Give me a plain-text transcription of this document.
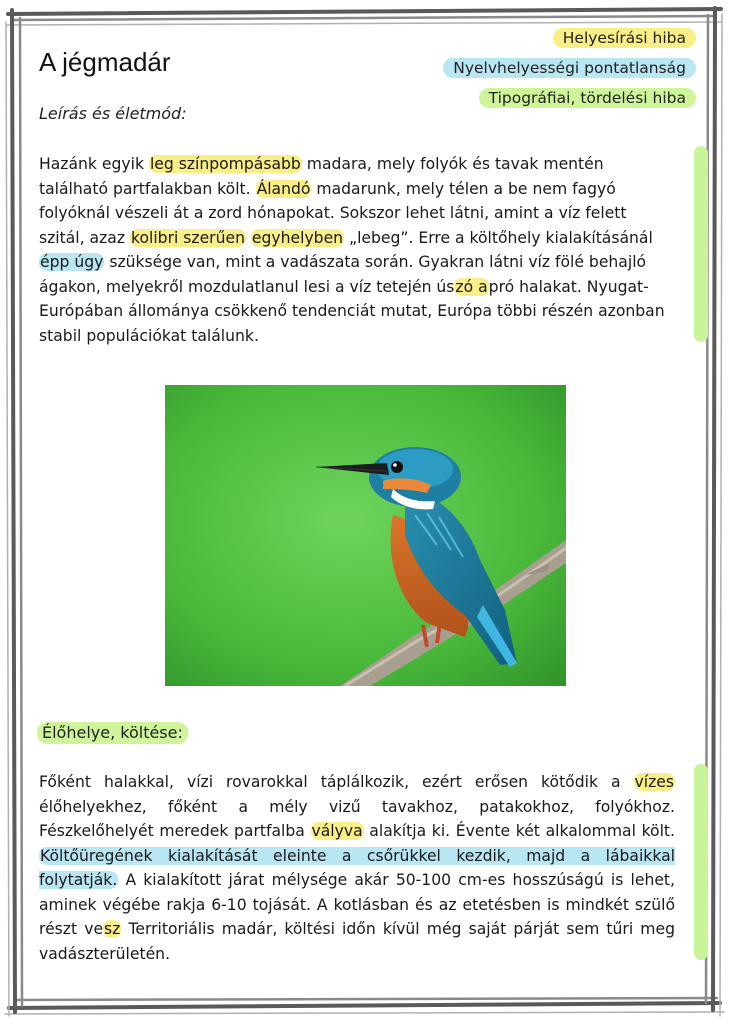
A jégmadár
Helyesírási hiba
Nyelvhelyességi pontatlanság
Tipográfiai, tördelési hiba
Leírás és életmód:

Hazánk egyik leg színpompásabb madara, mely folyók és tavak mentén található partfalakban költ. Álandó madarunk, mely télen a be nem fagyó folyóknál vészeli át a zord hónapokat. Sokszor lehet látni, amint a víz felett szitál, azaz kolibri szerűen egyhelyben „lebeg”. Erre a költőhely kialakításánál épp úgy szüksége van, mint a vadászata során. Gyakran látni víz fölé behajló ágakon, melyekről mozdulatlanul lesi a víz tetején úszó apró halakat. Nyugat-Európában állománya csökkenő tendenciát mutat, Európa többi részén azonban stabil populációkat találunk.

Élőhelye, költése:

Főként halakkal, vízi rovarokkal táplálkozik, ezért erősen kötődik a vízes élőhelyekhez, főként a mély vizű tavakhoz, patakokhoz, folyókhoz. Fészkelőhelyét meredek partfalba vályva alakítja ki. Évente két alkalommal költ. Költőüregének kialakítását eleinte a csőrükkel kezdik, majd a lábaikkal folytatják. A kialakított járat mélysége akár 50-100 cm-es hosszúságú is lehet, aminek végébe rakja 6-10 tojását. A kotlásban és az etetésben is mindkét szülő részt vesz Territoriális madár, költési időn kívül még saját párját sem tűri meg vadászterületén.
